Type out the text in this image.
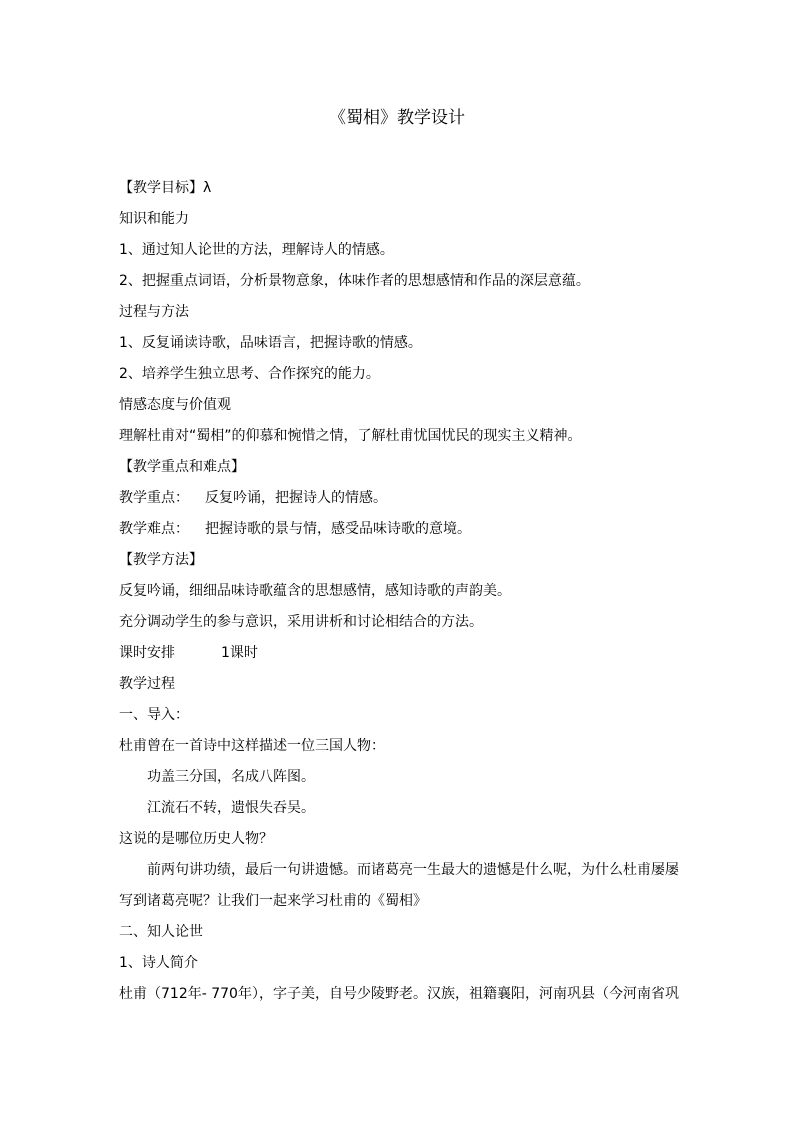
《蜀相》教学设计
【教学目标】λ
知识和能力
1、通过知人论世的方法，理解诗人的情感。
2、把握重点词语，分析景物意象，体味作者的思想感情和作品的深层意蕴。
过程与方法
1、反复诵读诗歌，品味语言，把握诗歌的情感。
2、培养学生独立思考、合作探究的能力。
情感态度与价值观
理解杜甫对“蜀相”的仰慕和惋惜之情，了解杜甫忧国忧民的现实主义精神。
【教学重点和难点】
教学重点： 反复吟诵，把握诗人的情感。
教学难点： 把握诗歌的景与情，感受品味诗歌的意境。
【教学方法】
反复吟诵，细细品味诗歌蕴含的思想感情，感知诗歌的声韵美。
充分调动学生的参与意识，采用讲析和讨论相结合的方法。
课时安排	1课时
教学过程
一、导入：
杜甫曾在一首诗中这样描述一位三国人物：
功盖三分国，名成八阵图。
江流石不转，遗恨失吞吴。
这说的是哪位历史人物？
前两句讲功绩，最后一句讲遗憾。而诸葛亮一生最大的遗憾是什么呢，为什么杜甫屡屡
写到诸葛亮呢？让我们一起来学习杜甫的《蜀相》
二、知人论世
1、诗人简介
杜甫（712年- 770年），字子美，自号少陵野老。汉族，祖籍襄阳，河南巩县（今河南省巩
